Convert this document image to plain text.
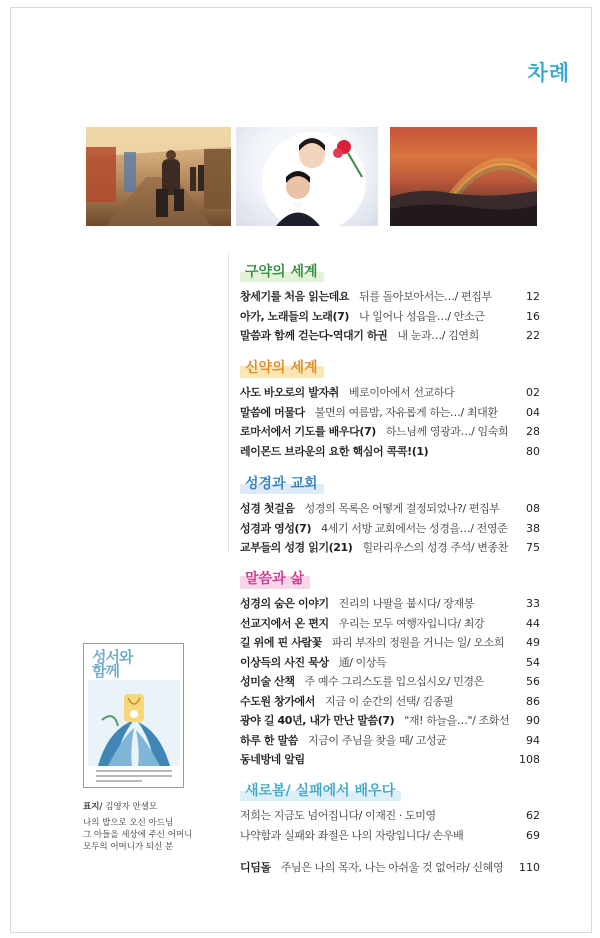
차례
구약의 세계
창세기를 처음 읽는데요 뒤를 돌아보아서는…/ 편집부	12
아가, 노래들의 노래(7) 나 일어나 성읍을…/ 안소근	16
말씀과 함께 걷는다-역대기 하권 내 눈과…/ 김연희	22
신약의 세계
사도 바오로의 발자취 베로이아에서 선교하다	02
말씀에 머물다 불면의 여름밤, 자유롭게 하는…/ 최대환	04
로마서에서 기도를 배우다(7) 하느님께 영광과…/ 임숙희 28
레이몬드 브라운의 요한 핵심어 콕콕!(1)	80
성경과 교회
성경 첫걸음 성경의 목록은 어떻게 결정되었나?/ 편집부 08
성경과 영성(7) 4세기 서방 교회에서는 성경을…/ 전영준 38
교부들의 성경 읽기(21) 힐라리우스의 성경 주석/ 변종찬 75
말씀과 삶
성경의 숨은 이야기 진리의 나팔을 붑시다/ 장재봉	33
선교지에서 온 편지 우리는 모두 여행자입니다/ 최강	44
길 위에 핀 사람꽃 파리 부자의 정원을 거니는 일/ 오소희 49
이상득의 사진 묵상 通/ 이상득	54
성미술 산책 주 예수 그리스도를 입으십시오/ 민경은	56
수도원 창가에서 지금 이 순간의 선택/ 김종필	86
광야 길 40년, 내가 만난 말씀(7) "재! 하늘을…"/ 조화선 90
하루 한 말씀 지금이 주님을 찾을 때/ 고성균	94
동네방네 알림	108
새로봄/ 실패에서 배우다
저희는 지금도 넘어집니다/ 이재진 · 도미영	62
나약함과 실패와 좌절은 나의 자랑입니다/ 손우배	69
디딤돌 주님은 나의 목자, 나는 아쉬울 것 없어라/ 신혜영 110
성서와
함께
표지/ 김영자 안셀모
나의 밥으로 오신 아드님
그 아들을 세상에 주신 어머니
모두의 어머니가 되신 분
